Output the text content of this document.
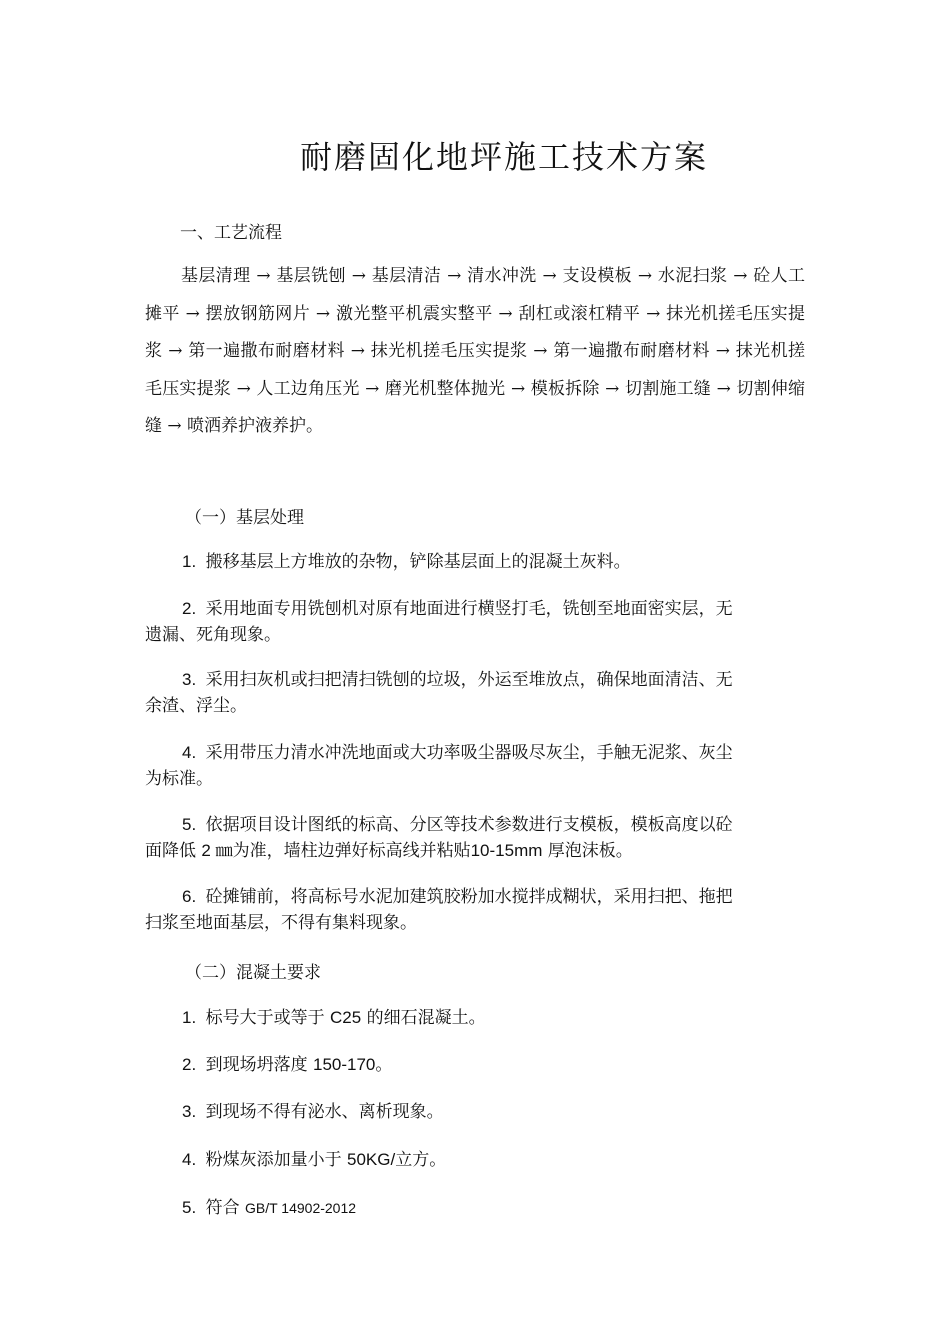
耐磨固化地坪施工技术方案
一、工艺流程
基层清理 → 基层铣刨 → 基层清洁 → 清水冲洗 → 支设模板 → 水泥扫浆 → 砼人工摊平 → 摆放钢筋网片 → 激光整平机震实整平 → 刮杠或滚杠精平 → 抹光机搓毛压实提浆 → 第一遍撒布耐磨材料 → 抹光机搓毛压实提浆 → 第一遍撒布耐磨材料 → 抹光机搓毛压实提浆 → 人工边角压光 → 磨光机整体抛光 → 模板拆除 → 切割施工缝 → 切割伸缩缝 → 喷洒养护液养护。
（一）基层处理
1. 搬移基层上方堆放的杂物，铲除基层面上的混凝土灰料。
2. 采用地面专用铣刨机对原有地面进行横竖打毛，铣刨至地面密实层，无
遗漏、死角现象。
3. 采用扫灰机或扫把清扫铣刨的垃圾，外运至堆放点，确保地面清洁、无
余渣、浮尘。
4. 采用带压力清水冲洗地面或大功率吸尘器吸尽灰尘，手触无泥浆、灰尘
为标准。
5. 依据项目设计图纸的标高、分区等技术参数进行支模板，模板高度以砼
面降低 2 ㎜为准，墙柱边弹好标高线并粘贴10-15mm 厚泡沫板。
6. 砼摊铺前，将高标号水泥加建筑胶粉加水搅拌成糊状，采用扫把、拖把
扫浆至地面基层，不得有集料现象。
（二）混凝土要求
1. 标号大于或等于 C25 的细石混凝土。
2. 到现场坍落度 150-170。
3. 到现场不得有泌水、离析现象。
4. 粉煤灰添加量小于 50KG/立方。
5. 符合 GB/T 14902-2012
